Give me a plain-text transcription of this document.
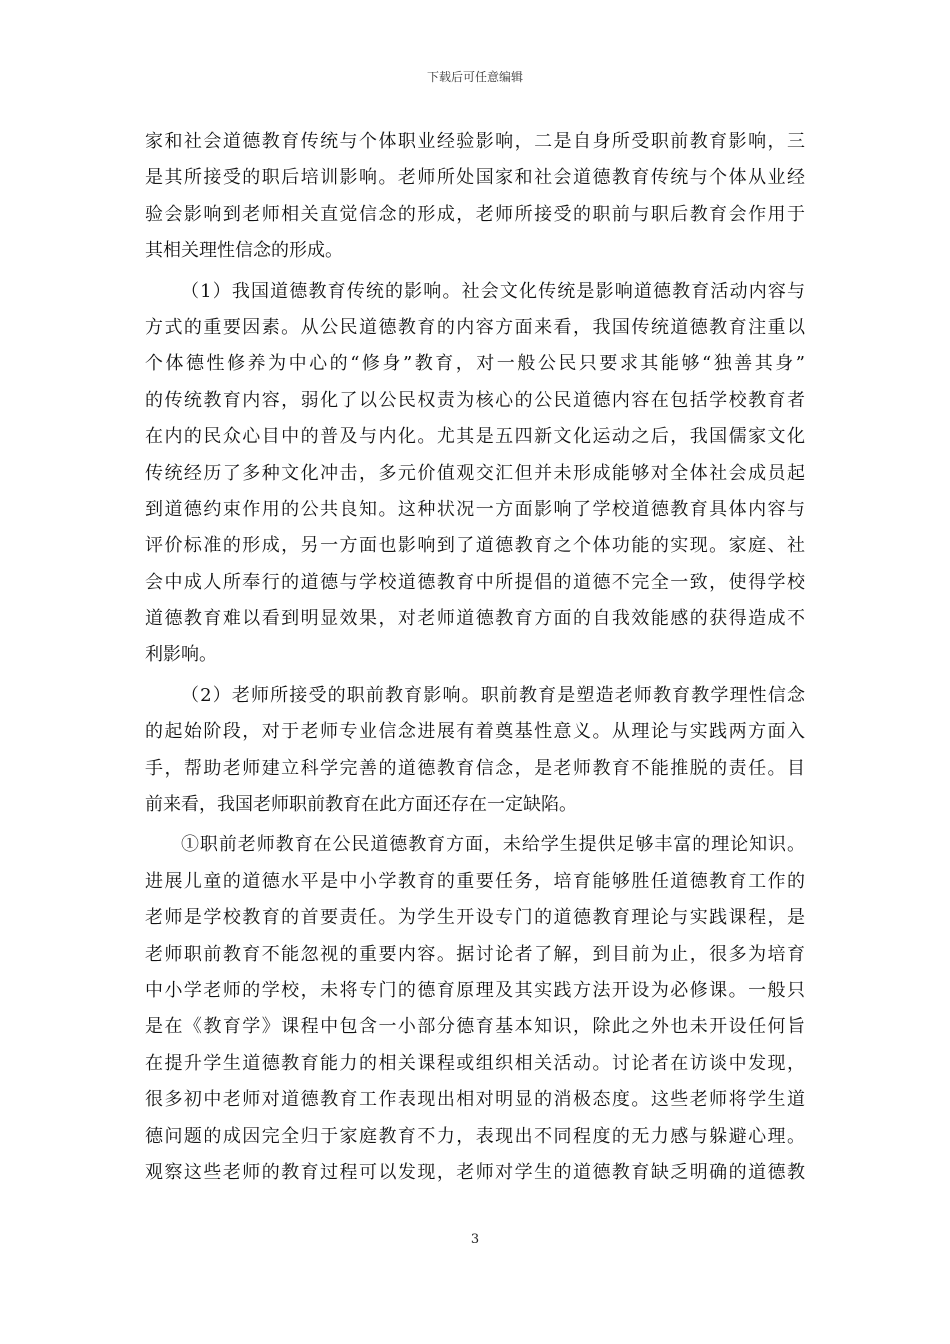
下载后可任意编辑
家和社会道德教育传统与个体职业经验影响，二是自身所受职前教育影响，三
是其所接受的职后培训影响。老师所处国家和社会道德教育传统与个体从业经
验会影响到老师相关直觉信念的形成，老师所接受的职前与职后教育会作用于
其相关理性信念的形成。
（1）我国道德教育传统的影响。社会文化传统是影响道德教育活动内容与
方式的重要因素。从公民道德教育的内容方面来看，我国传统道德教育注重以
个体德性修养为中心的“修身”教育，对一般公民只要求其能够“独善其身”
的传统教育内容，弱化了以公民权责为核心的公民道德内容在包括学校教育者
在内的民众心目中的普及与内化。尤其是五四新文化运动之后，我国儒家文化
传统经历了多种文化冲击，多元价值观交汇但并未形成能够对全体社会成员起
到道德约束作用的公共良知。这种状况一方面影响了学校道德教育具体内容与
评价标准的形成，另一方面也影响到了道德教育之个体功能的实现。家庭、社
会中成人所奉行的道德与学校道德教育中所提倡的道德不完全一致，使得学校
道德教育难以看到明显效果，对老师道德教育方面的自我效能感的获得造成不
利影响。
（2）老师所接受的职前教育影响。职前教育是塑造老师教育教学理性信念
的起始阶段，对于老师专业信念进展有着奠基性意义。从理论与实践两方面入
手，帮助老师建立科学完善的道德教育信念，是老师教育不能推脱的责任。目
前来看，我国老师职前教育在此方面还存在一定缺陷。
①职前老师教育在公民道德教育方面，未给学生提供足够丰富的理论知识。
进展儿童的道德水平是中小学教育的重要任务，培育能够胜任道德教育工作的
老师是学校教育的首要责任。为学生开设专门的道德教育理论与实践课程，是
老师职前教育不能忽视的重要内容。据讨论者了解，到目前为止，很多为培育
中小学老师的学校，未将专门的德育原理及其实践方法开设为必修课。一般只
是在《教育学》课程中包含一小部分德育基本知识，除此之外也未开设任何旨
在提升学生道德教育能力的相关课程或组织相关活动。讨论者在访谈中发现，
很多初中老师对道德教育工作表现出相对明显的消极态度。这些老师将学生道
德问题的成因完全归于家庭教育不力，表现出不同程度的无力感与躲避心理。
观察这些老师的教育过程可以发现，老师对学生的道德教育缺乏明确的道德教
3
